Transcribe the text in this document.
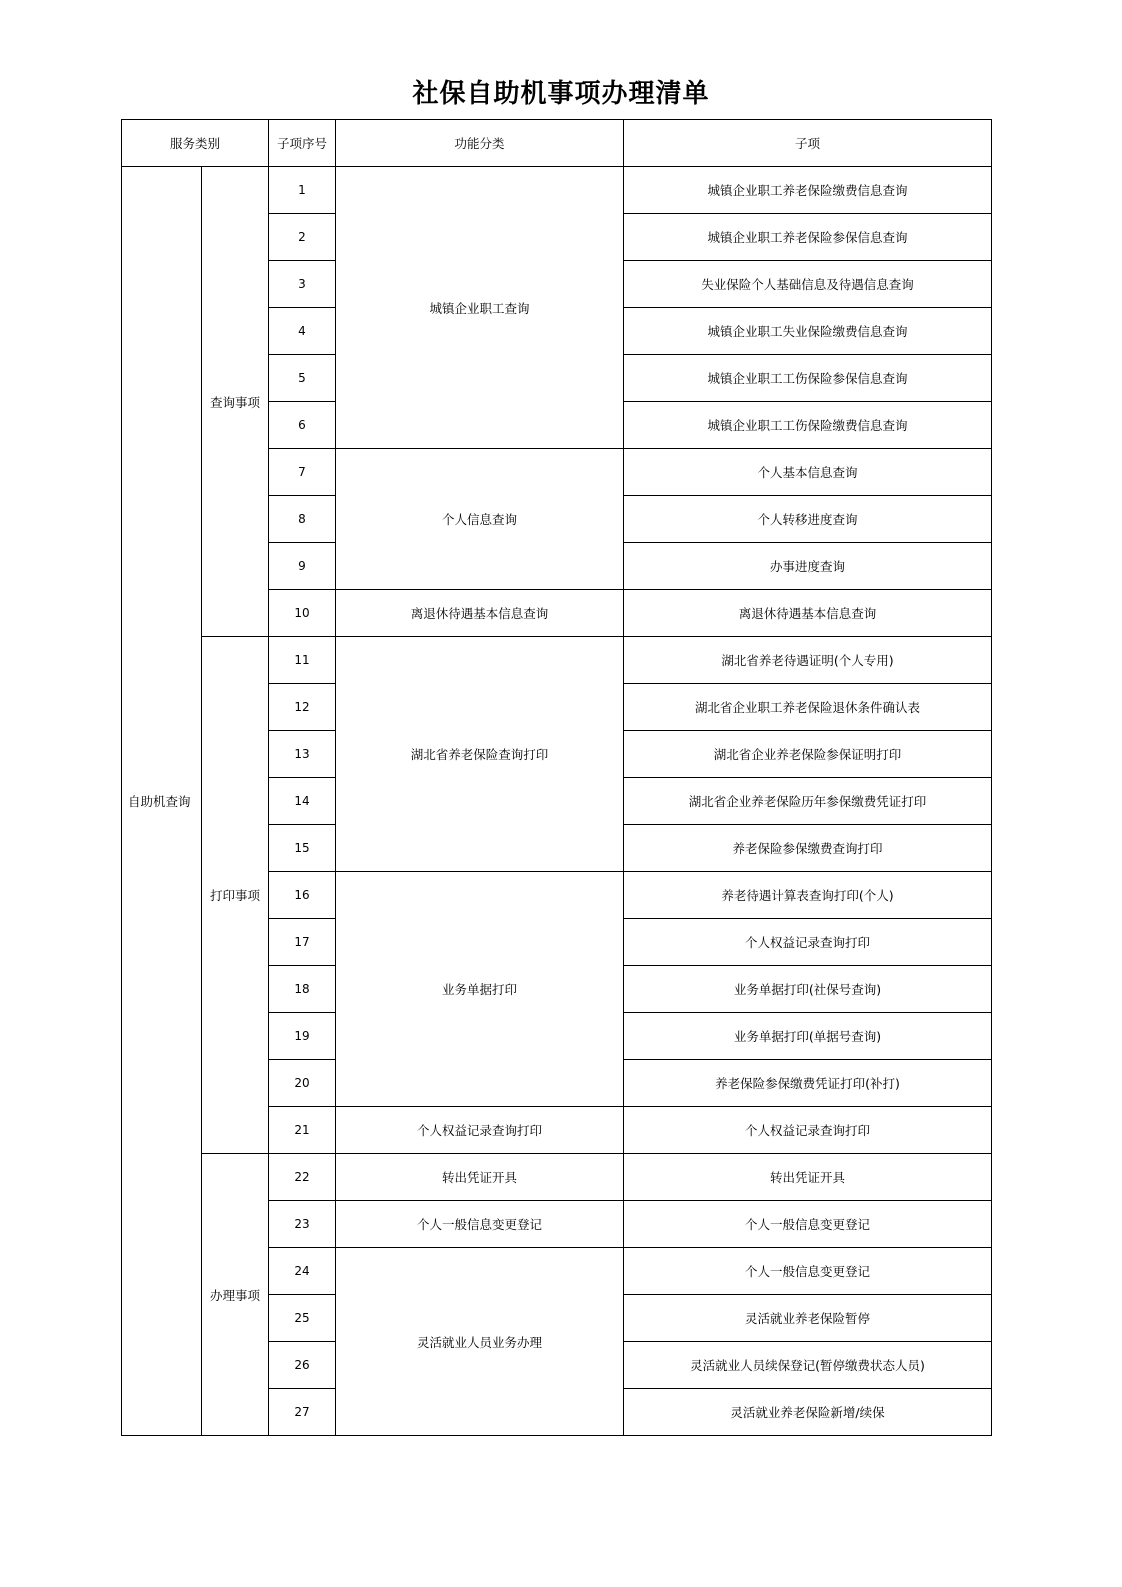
社保自助机事项办理清单
服务类别		子项序号	功能分类	子项
自助机查询	查询事项	1	城镇企业职工查询	城镇企业职工养老保险缴费信息查询
		2		城镇企业职工养老保险参保信息查询
		3		失业保险个人基础信息及待遇信息查询
		4		城镇企业职工失业保险缴费信息查询
		5		城镇企业职工工伤保险参保信息查询
		6		城镇企业职工工伤保险缴费信息查询
		7	个人信息查询	个人基本信息查询
		8		个人转移进度查询
		9		办事进度查询
		10	离退休待遇基本信息查询	离退休待遇基本信息查询
	打印事项	11	湖北省养老保险查询打印	湖北省养老待遇证明(个人专用)
		12		湖北省企业职工养老保险退休条件确认表
		13		湖北省企业养老保险参保证明打印
		14		湖北省企业养老保险历年参保缴费凭证打印
		15		养老保险参保缴费查询打印
		16	业务单据打印	养老待遇计算表查询打印(个人)
		17		个人权益记录查询打印
		18		业务单据打印(社保号查询)
		19		业务单据打印(单据号查询)
		20		养老保险参保缴费凭证打印(补打)
		21	个人权益记录查询打印	个人权益记录查询打印
	办理事项	22	转出凭证开具	转出凭证开具
		23	个人一般信息变更登记	个人一般信息变更登记
		24	灵活就业人员业务办理	个人一般信息变更登记
		25		灵活就业养老保险暂停
		26		灵活就业人员续保登记(暂停缴费状态人员)
		27		灵活就业养老保险新增/续保
